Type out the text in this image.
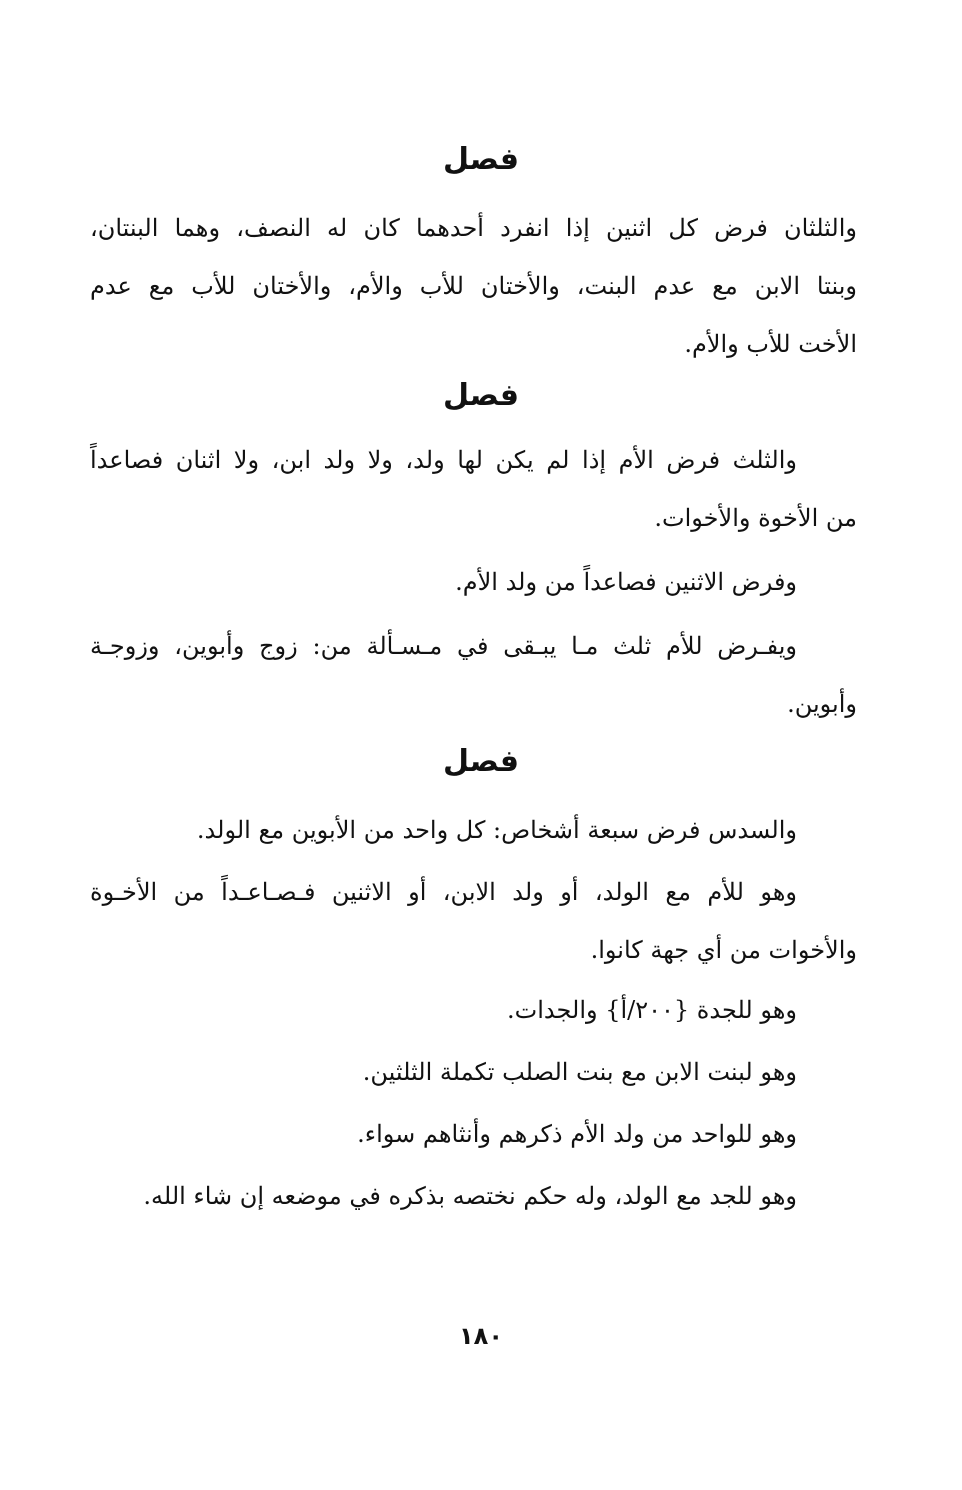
فصل
والثلثان فرض كل اثنين إذا انفرد أحدهما كان له النصف، وهما البنتان،
وبنتا الابن مع عدم البنت، والأختان للأب والأم، والأختان للأب مع عدم
الأخت للأب والأم.
فصل
والثلث فرض الأم إذا لم يكن لها ولد، ولا ولد ابن، ولا اثنان فصاعداً
من الأخوة والأخوات.
وفرض الاثنين فصاعداً من ولد الأم.
ويفـرض للأم ثلث مـا يبـقى في مـسـألة من: زوج وأبوين، وزوجـة
وأبوين.
فصل
والسدس فرض سبعة أشخاص: كل واحد من الأبوين مع الولد.
وهو للأم مع الولد، أو ولد الابن، أو الاثنين فـصـاعـداً من الأخـوة
والأخوات من أي جهة كانوا.
وهو للجدة {٢٠٠/أ} والجدات.
وهو لبنت الابن مع بنت الصلب تكملة الثلثين.
وهو للواحد من ولد الأم ذكرهم وأنثاهم سواء.
وهو للجد مع الولد، وله حكم نختصه بذكره في موضعه إن شاء الله.
١٨٠
